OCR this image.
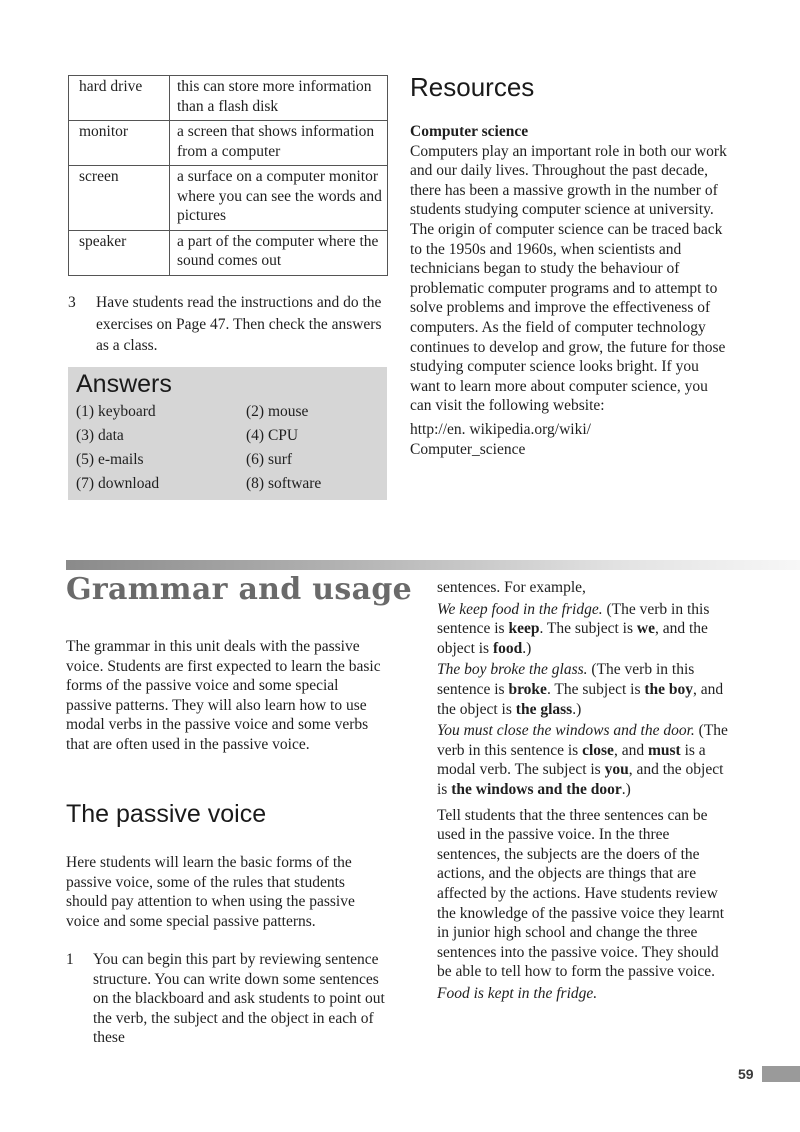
hard drive	this can store more information than a flash disk
monitor	a screen that shows information from a computer
screen	a surface on a computer monitor where you can see the words and pictures
speaker	a part of the computer where the sound comes out
3 Have students read the instructions and do the exercises on Page 47. Then check the answers as a class.
Answers
(1) keyboard	(2) mouse
(3) data	(4) CPU
(5) e-mails	(6) surf
(7) download	(8) software
Resources

Computer science

Computers play an important role in both our work and our daily lives. Throughout the past decade, there has been a massive growth in the number of students studying computer science at university. The origin of computer science can be traced back to the 1950s and 1960s, when scientists and technicians began to study the behaviour of problematic computer programs and to attempt to solve problems and improve the effectiveness of computers. As the field of computer technology continues to develop and grow, the future for those studying computer science looks bright. If you want to learn more about computer science, you can visit the following website:

http://en. wikipedia.org/wiki/
Computer_science

Grammar and usage
The grammar in this unit deals with the passive voice. Students are first expected to learn the basic forms of the passive voice and some special passive patterns. They will also learn how to use modal verbs in the passive voice and some verbs that are often used in the passive voice.
The passive voice
Here students will learn the basic forms of the passive voice, some of the rules that students should pay attention to when using the passive voice and some special passive patterns.
1 You can begin this part by reviewing sentence structure. You can write down some sentences on the blackboard and ask students to point out the verb, the subject and the object in each of these

sentences. For example,

We keep food in the fridge. (The verb in this sentence is keep. The subject is we, and the object is food.)

The boy broke the glass. (The verb in this sentence is broke. The subject is the boy, and the object is the glass.)

You must close the windows and the door. (The verb in this sentence is close, and must is a modal verb. The subject is you, and the object is the windows and the door.)

Tell students that the three sentences can be used in the passive voice. In the three sentences, the subjects are the doers of the actions, and the objects are things that are affected by the actions. Have students review the knowledge of the passive voice they learnt in junior high school and change the three sentences into the passive voice. They should be able to tell how to form the passive voice.

Food is kept in the fridge.

59
